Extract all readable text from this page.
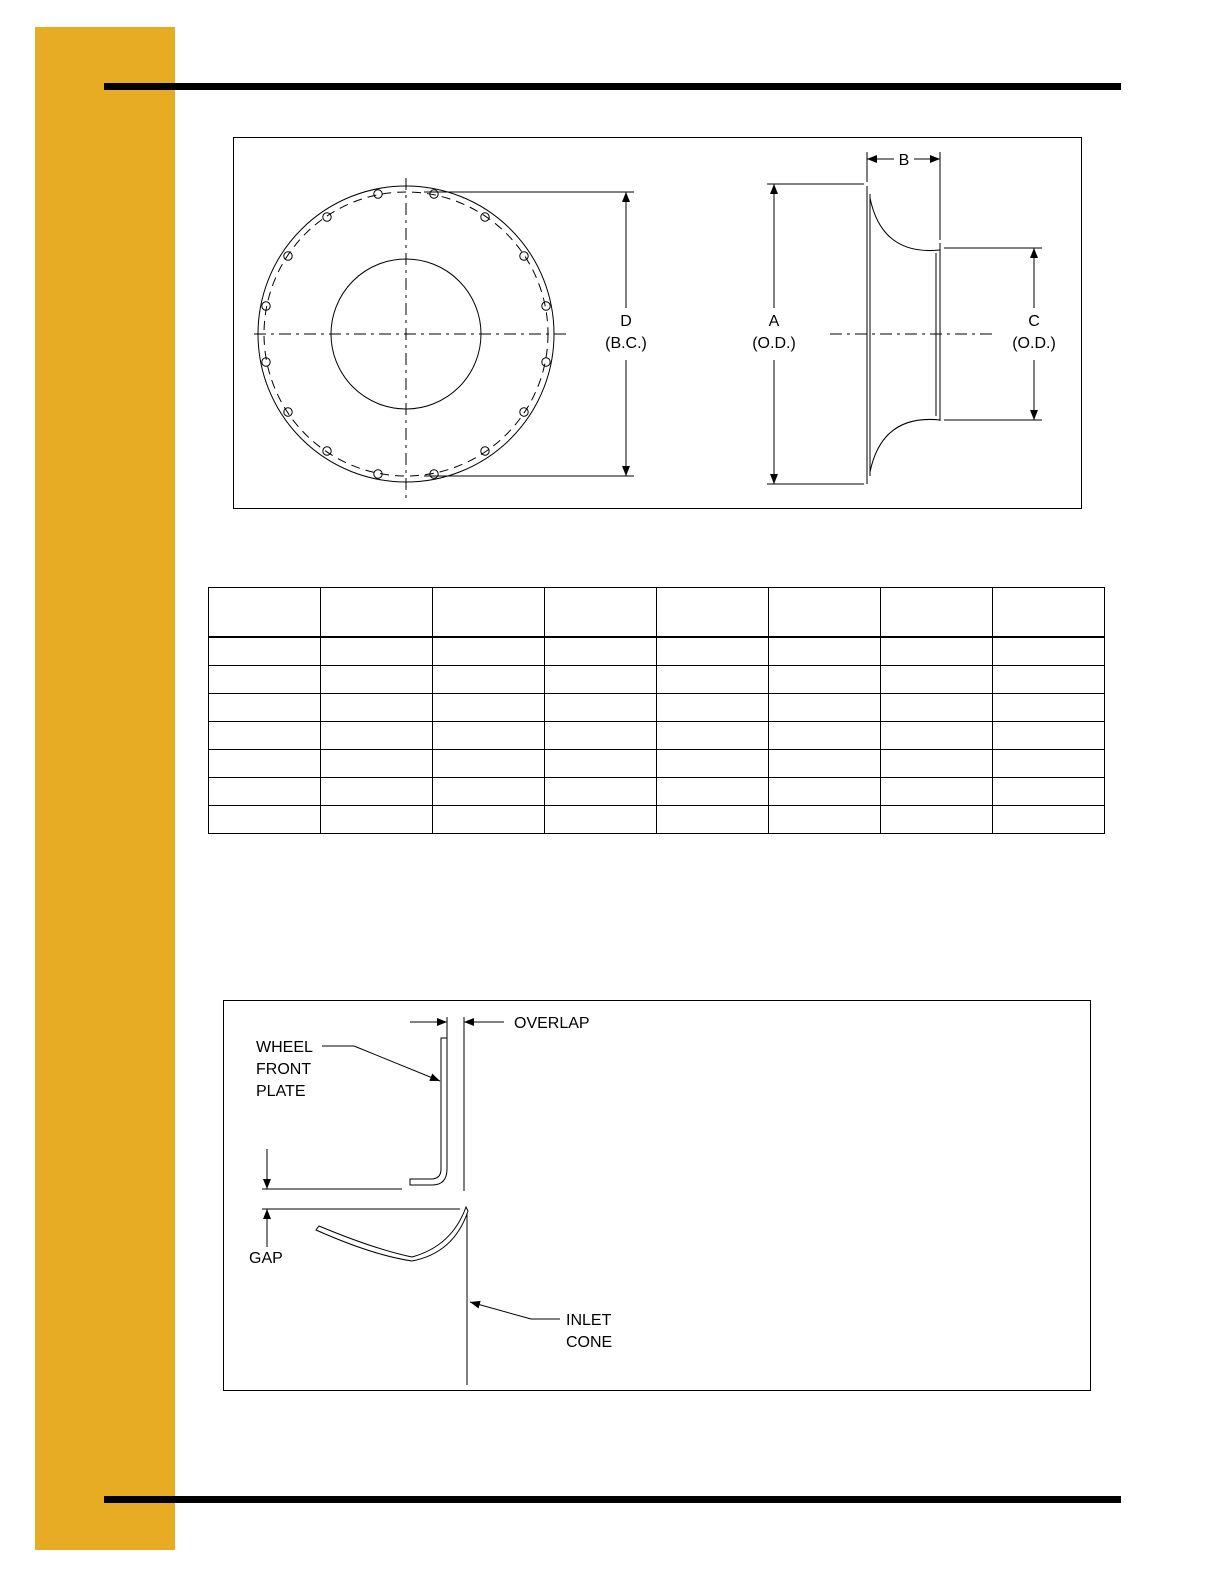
D
(B.C.)
A
(O.D.)
B
C
(O.D.)

OVERLAP
WHEEL
FRONT
PLATE
GAP
INLET
CONE
